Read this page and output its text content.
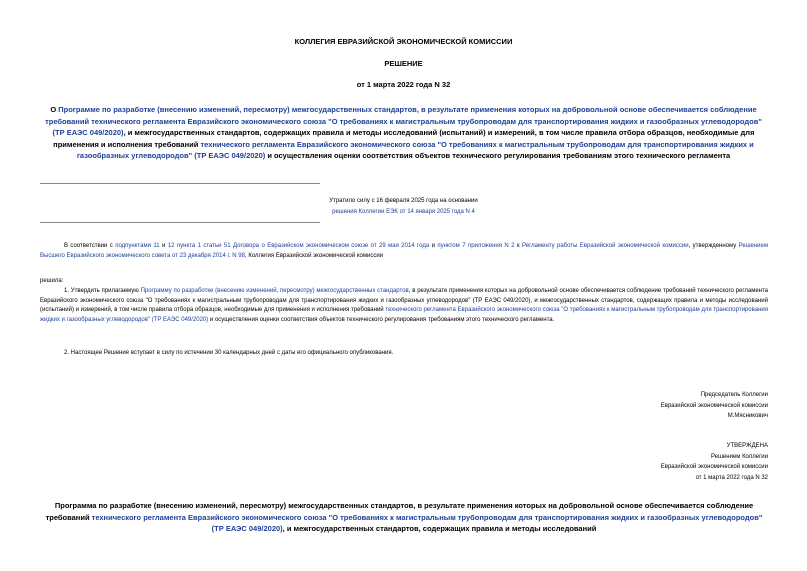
КОЛЛЕГИЯ ЕВРАЗИЙСКОЙ ЭКОНОМИЧЕСКОЙ КОМИССИИ
РЕШЕНИЕ
от 1 марта 2022 года N 32
О Программе по разработке (внесению изменений, пересмотру) межгосударственных стандартов, в результате применения которых на добровольной основе обеспечивается соблюдение требований технического регламента Евразийского экономического союза "О требованиях к магистральным трубопроводам для транспортирования жидких и газообразных углеводородов" (ТР ЕАЭС 049/2020), и межгосударственных стандартов, содержащих правила и методы исследований (испытаний) и измерений, в том числе правила отбора образцов, необходимые для применения и исполнения требований технического регламента Евразийского экономического союза "О требованиях к магистральным трубопроводам для транспортирования жидких и газообразных углеводородов" (ТР ЕАЭС 049/2020) и осуществления оценки соответствия объектов технического регулирования требованиям этого технического регламента
Утратило силу с 16 февраля 2025 года на основании
решения Коллегии ЕЭК от 14 января 2025 года N 4
В соответствии с подпунктами 11 и 12 пункта 1 статьи 51 Договора о Евразийском экономическом союзе от 29 мая 2014 года и пунктом 7 приложения N 2 к Регламенту работы Евразийской экономической комиссии, утвержденному Решением Высшего Евразийского экономического совета от 23 декабря 2014 г. N 98, Коллегия Евразийской экономической комиссии
решила:
1. Утвердить прилагаемую Программу по разработке (внесению изменений, пересмотру) межгосударственных стандартов, в результате применения которых на добровольной основе обеспечивается соблюдение требований технического регламента Евразийского экономического союза "О требованиях к магистральным трубопроводам для транспортирования жидких и газообразных углеводородов" (ТР ЕАЭС 049/2020), и межгосударственных стандартов, содержащих правила и методы исследований (испытаний) и измерений, в том числе правила отбора образцов, необходимые для применения и исполнения требований технического регламента Евразийского экономического союза "О требованиях к магистральным трубопроводам для транспортирования жидких и газообразных углеводородов" (ТР ЕАЭС 049/2020) и осуществления оценки соответствия объектов технического регулирования требованиям этого технического регламента.
2. Настоящее Решение вступает в силу по истечении 30 календарных дней с даты его официального опубликования.
Председатель Коллегии
Евразийской экономической комиссии
М.Мясникович
УТВЕРЖДЕНА
Решением Коллегии
Евразийской экономической комиссии
от 1 марта 2022 года N 32
Программа по разработке (внесению изменений, пересмотру) межгосударственных стандартов, в результате применения которых на добровольной основе обеспечивается соблюдение требований технического регламента Евразийского экономического союза "О требованиях к магистральным трубопроводам для транспортирования жидких и газообразных углеводородов" (ТР ЕАЭС 049/2020), и межгосударственных стандартов, содержащих правила и методы исследований
